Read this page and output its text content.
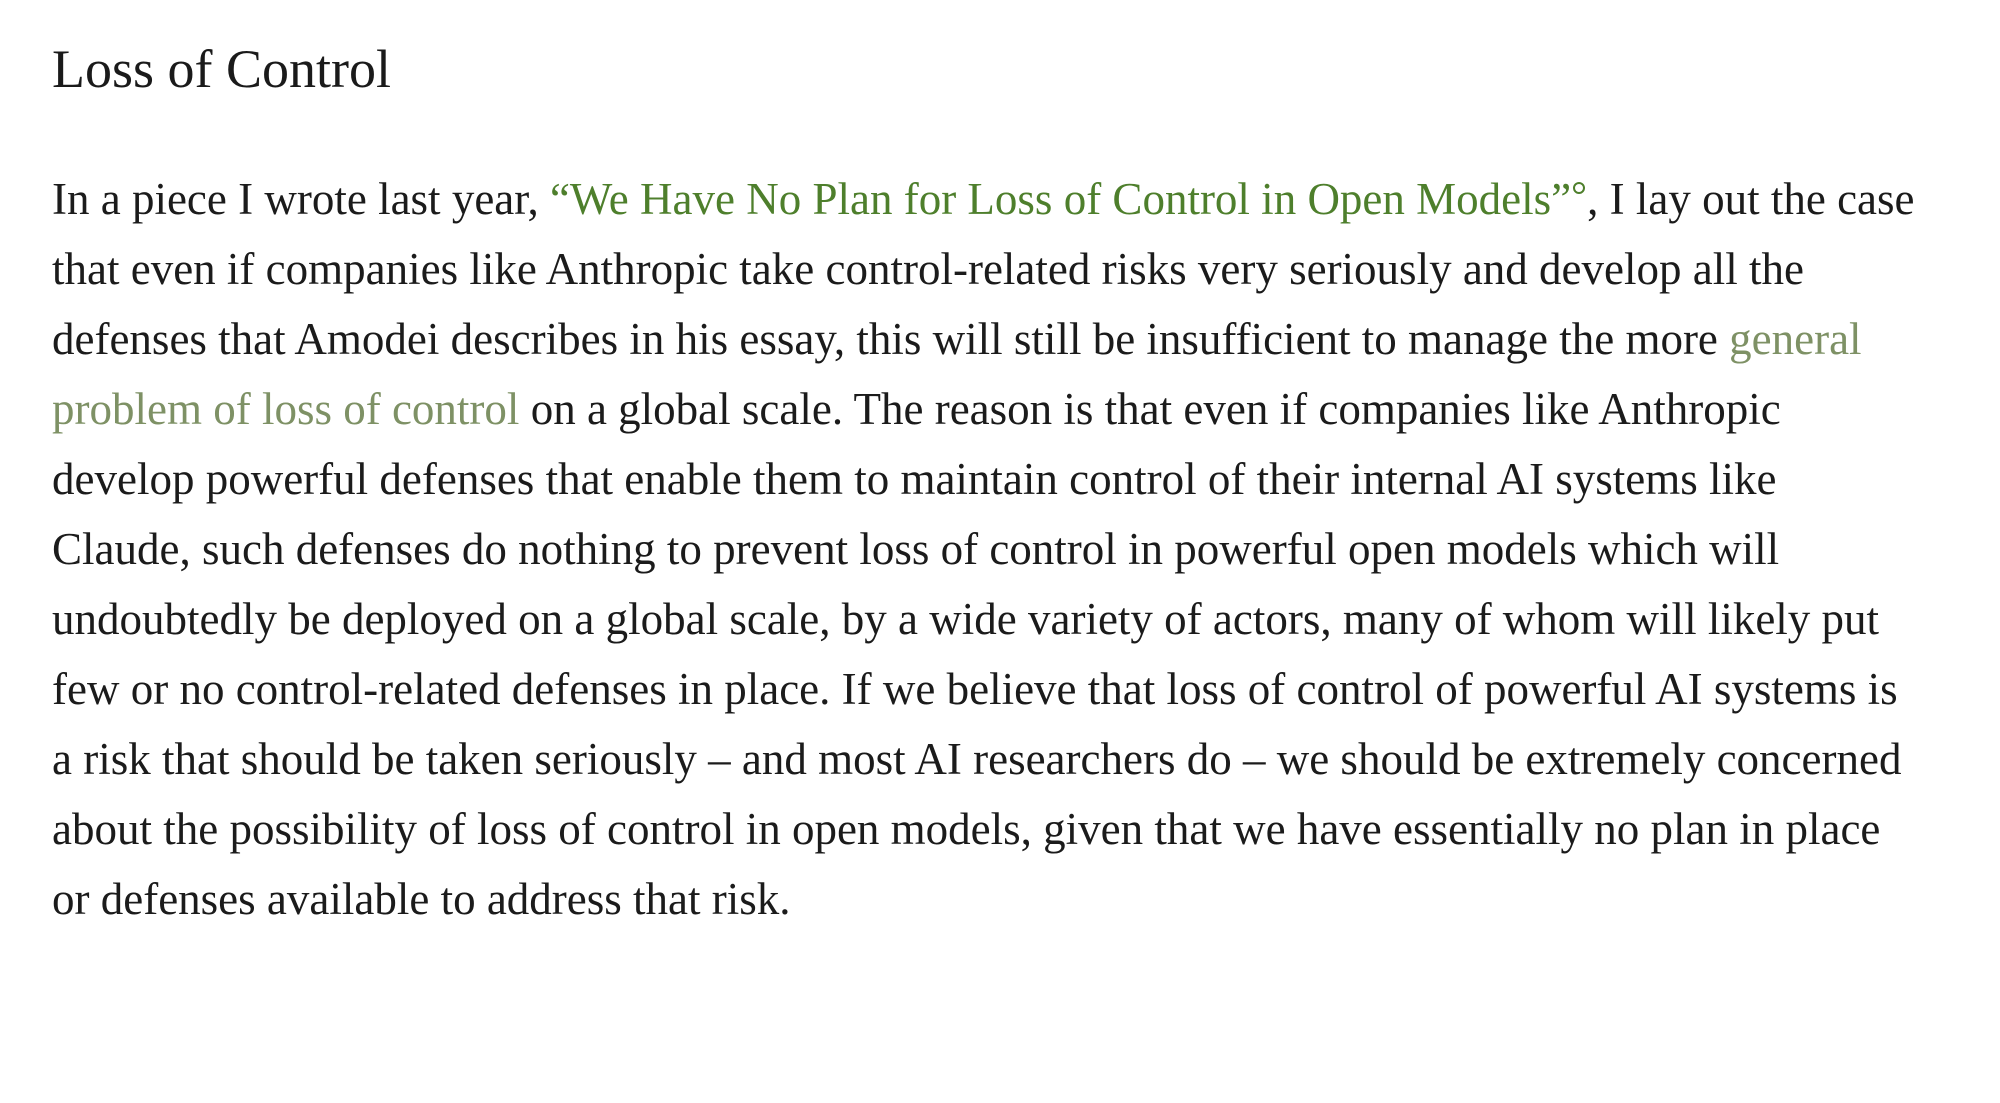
Loss of Control

In a piece I wrote last year, “We Have No Plan for Loss of Control in Open Models” , I lay out the case that even if companies like Anthropic take control-related risks very seriously and develop all the defenses that Amodei describes in his essay, this will still be insufficient to manage the more general problem of loss of control on a global scale. The reason is that even if companies like Anthropic develop powerful defenses that enable them to maintain control of their internal AI systems like Claude, such defenses do nothing to prevent loss of control in powerful open models which will undoubtedly be deployed on a global scale, by a wide variety of actors, many of whom will likely put few or no control-related defenses in place. If we believe that loss of control of powerful AI systems is a risk that should be taken seriously – and most AI researchers do – we should be extremely concerned about the possibility of loss of control in open models, given that we have essentially no plan in place or defenses available to address that risk.
